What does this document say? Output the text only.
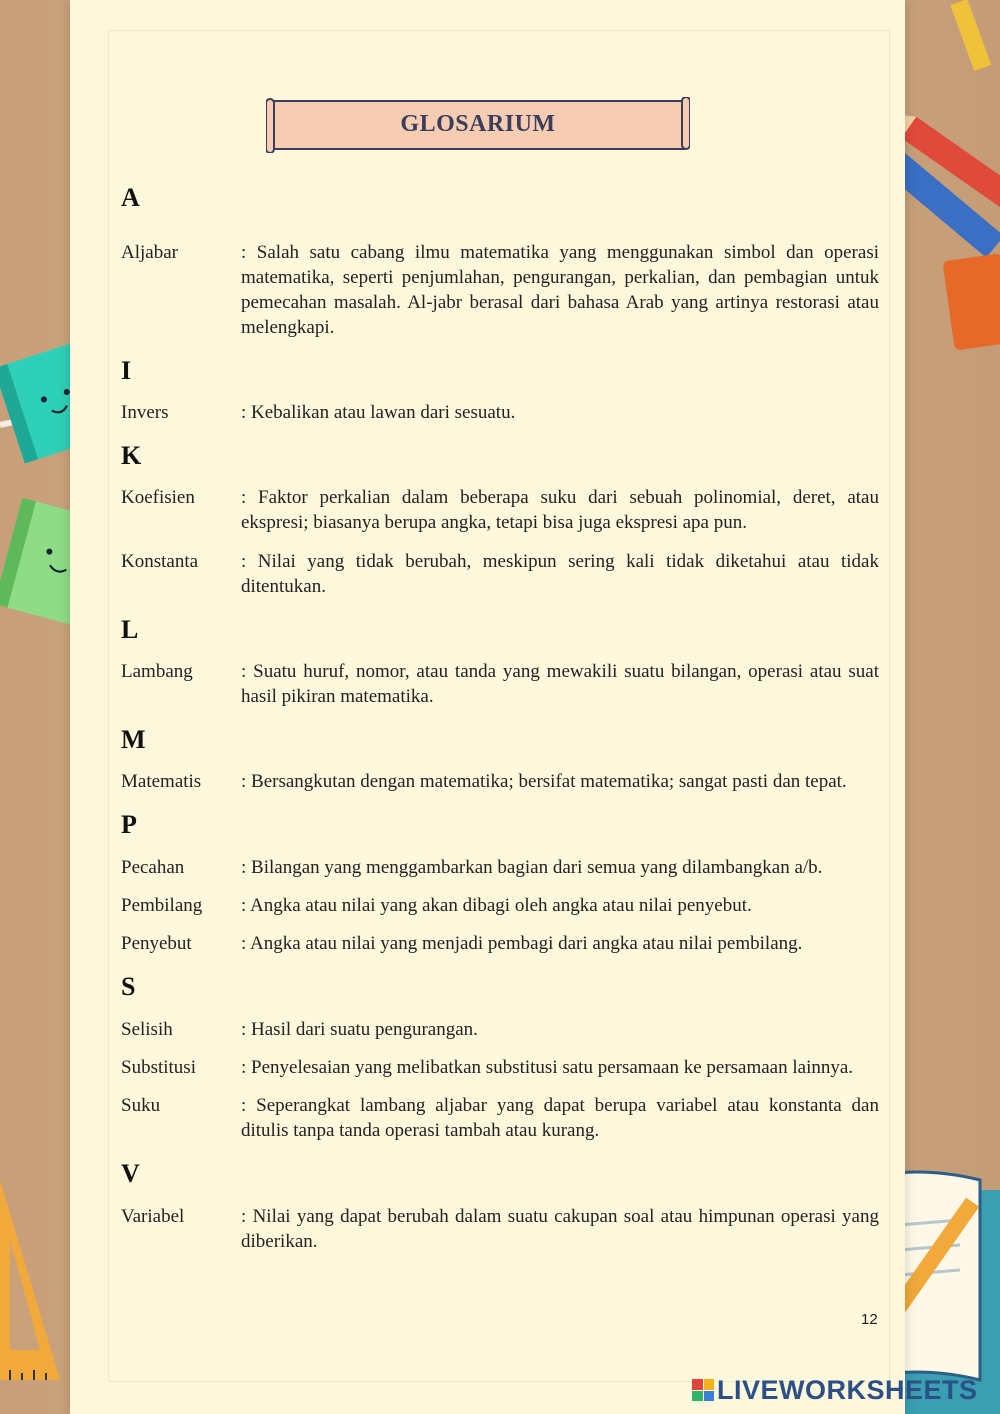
GLOSARIUM
A
Aljabar	: Salah satu cabang ilmu matematika yang menggunakan simbol dan operasi matematika, seperti penjumlahan, pengurangan, perkalian, dan pembagian untuk pemecahan masalah. Al-jabr berasal dari bahasa Arab yang artinya restorasi atau melengkapi.
I
Invers	: Kebalikan atau lawan dari sesuatu.
K
Koefisien	: Faktor perkalian dalam beberapa suku dari sebuah polinomial, deret, atau ekspresi; biasanya berupa angka, tetapi bisa juga ekspresi apa pun.
Konstanta	: Nilai yang tidak berubah, meskipun sering kali tidak diketahui atau tidak ditentukan.
L
Lambang	: Suatu huruf, nomor, atau tanda yang mewakili suatu bilangan, operasi atau suat hasil pikiran matematika.
M
Matematis	: Bersangkutan dengan matematika; bersifat matematika; sangat pasti dan tepat.
P
Pecahan	: Bilangan yang menggambarkan bagian dari semua yang dilambangkan a/b.
Pembilang	: Angka atau nilai yang akan dibagi oleh angka atau nilai penyebut.
Penyebut	: Angka atau nilai yang menjadi pembagi dari angka atau nilai pembilang.
S
Selisih	: Hasil dari suatu pengurangan.
Substitusi	: Penyelesaian yang melibatkan substitusi satu persamaan ke persamaan lainnya.
Suku	: Seperangkat lambang aljabar yang dapat berupa variabel atau konstanta dan ditulis tanpa tanda operasi tambah atau kurang.
V
Variabel	: Nilai yang dapat berubah dalam suatu cakupan soal atau himpunan operasi yang diberikan.
12
LIVEWORKSHEETS
